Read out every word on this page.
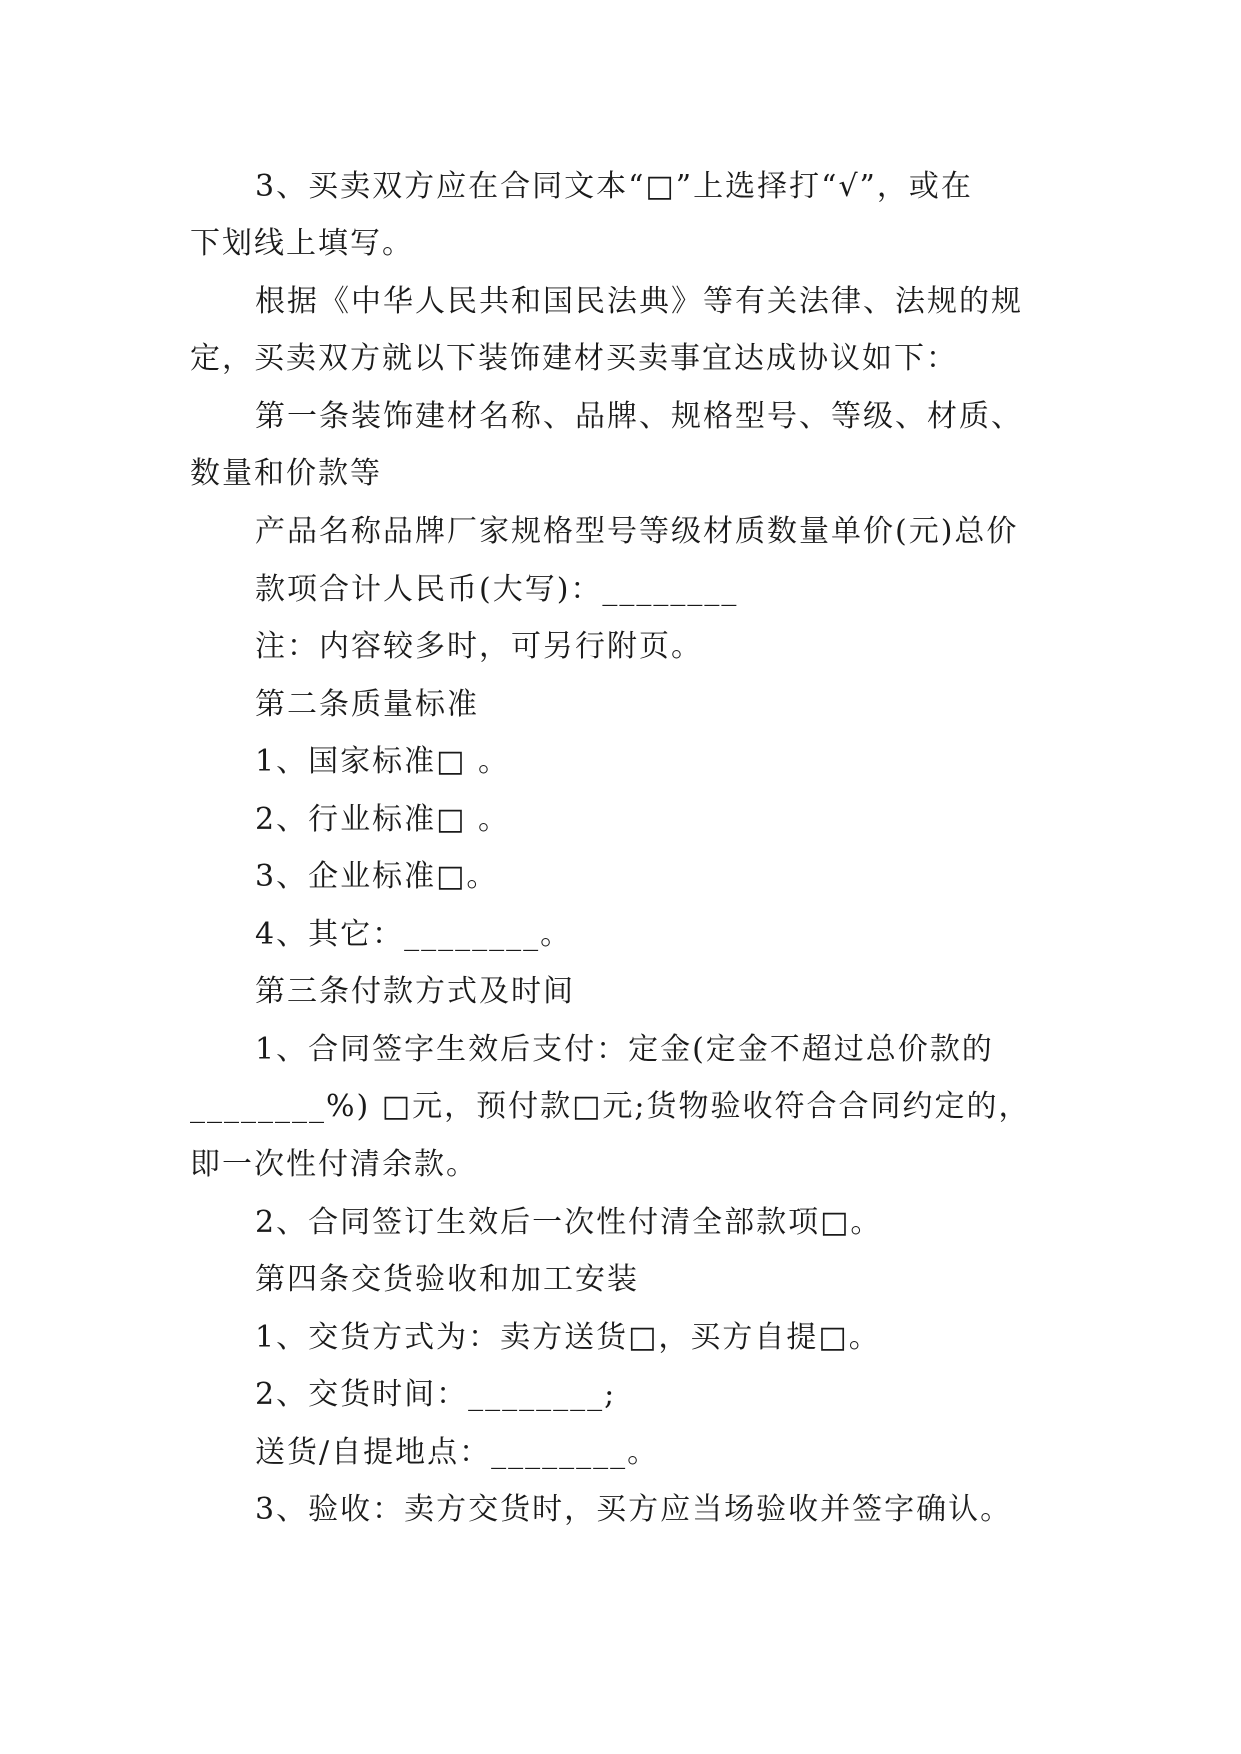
3、买卖双方应在合同文本“□”上选择打“√”，或在
下划线上填写。
根据《中华人民共和国民法典》等有关法律、法规的规
定，买卖双方就以下装饰建材买卖事宜达成协议如下：
第一条装饰建材名称、品牌、规格型号、等级、材质、
数量和价款等
产品名称品牌厂家规格型号等级材质数量单价(元)总价
款项合计人民币(大写)：________
注：内容较多时，可另行附页。
第二条质量标准
1、国家标准□ 。
2、行业标准□ 。
3、企业标准□。
4、其它：________。
第三条付款方式及时间
1、合同签字生效后支付：定金(定金不超过总价款的
________%) □元，预付款□元;货物验收符合合同约定的，
即一次性付清余款。
2、合同签订生效后一次性付清全部款项□。
第四条交货验收和加工安装
1、交货方式为：卖方送货□，买方自提□。
2、交货时间：________;
送货/自提地点：________。
3、验收：卖方交货时，买方应当场验收并签字确认。
